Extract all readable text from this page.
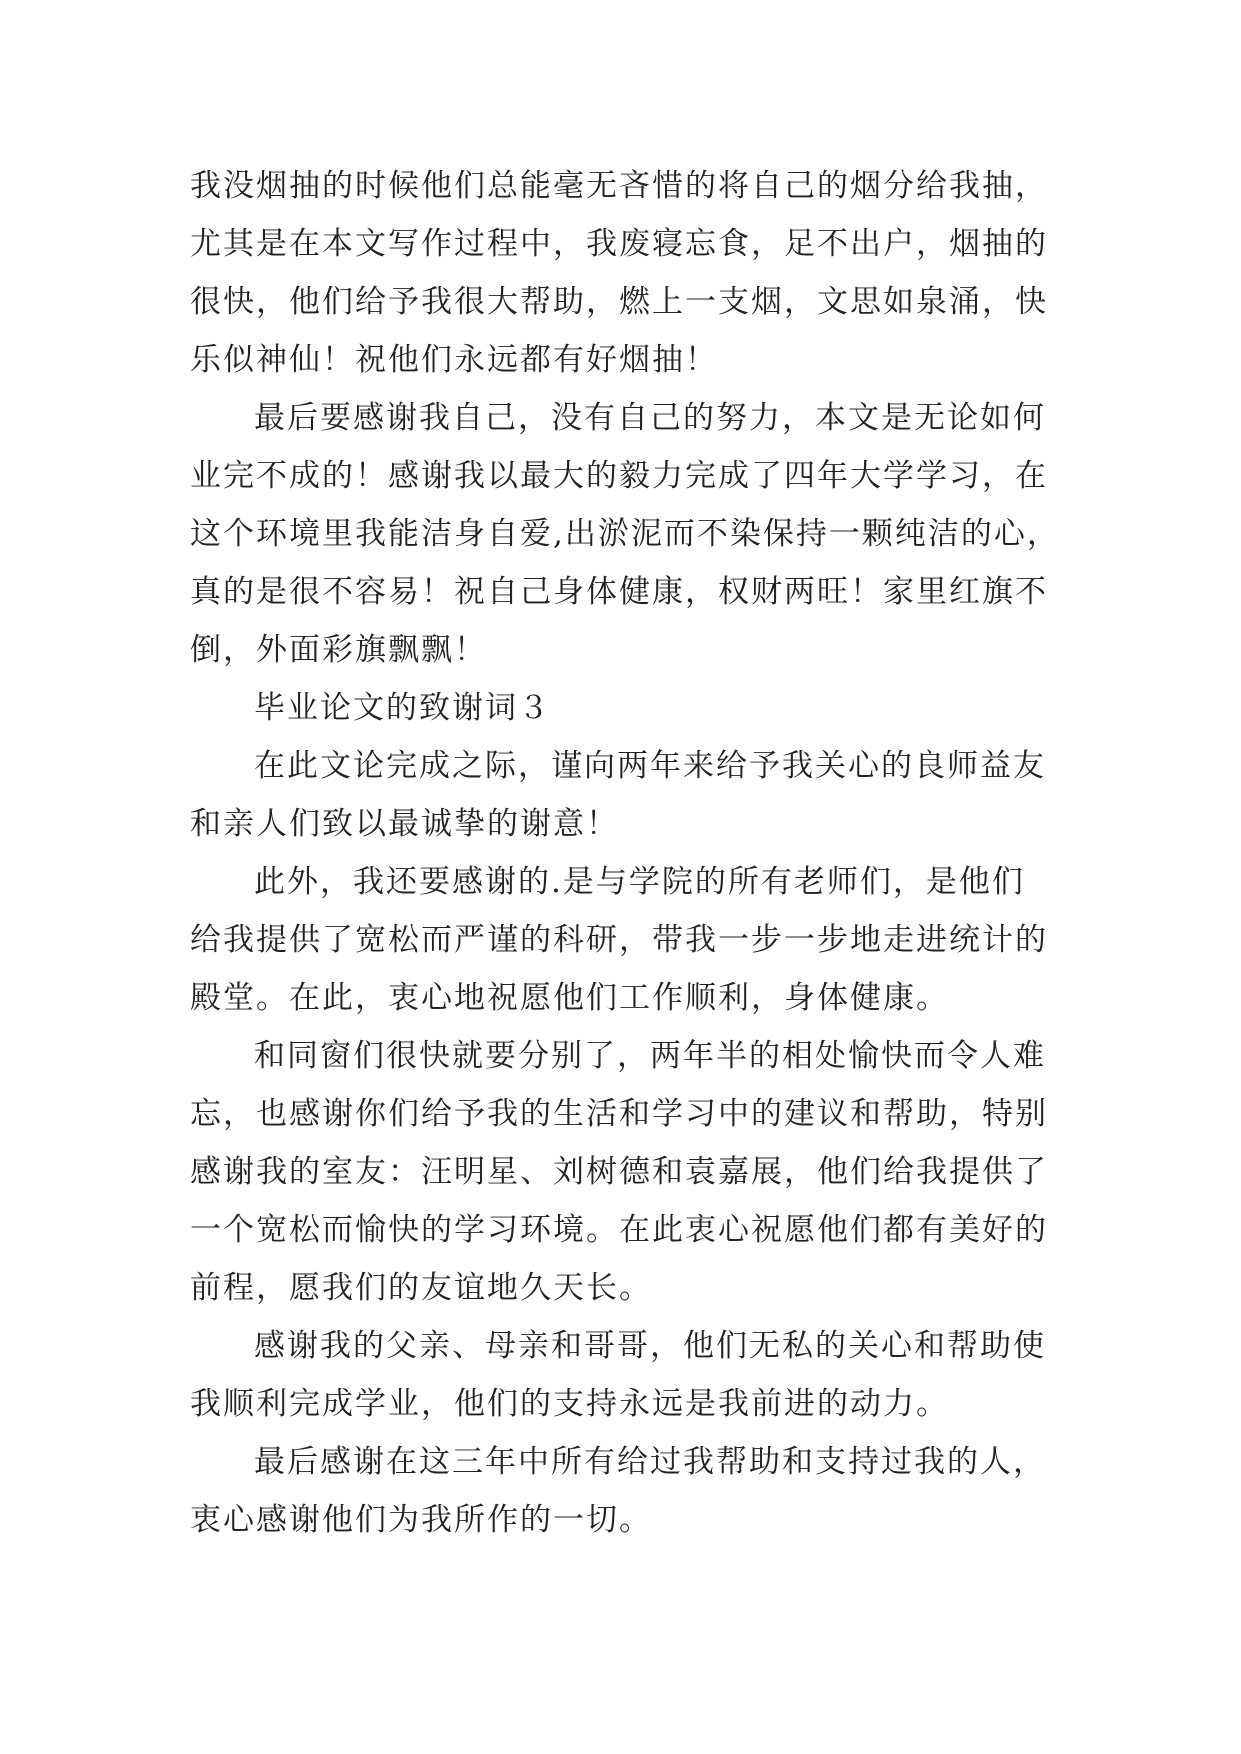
我没烟抽的时候他们总能毫无吝惜的将自己的烟分给我抽，
尤其是在本文写作过程中，我废寝忘食，足不出户，烟抽的
很快，他们给予我很大帮助，燃上一支烟，文思如泉涌，快
乐似神仙！祝他们永远都有好烟抽！
最后要感谢我自己，没有自己的努力，本文是无论如何
业完不成的！感谢我以最大的毅力完成了四年大学学习，在
这个环境里我能洁身自爱,出淤泥而不染保持一颗纯洁的心，
真的是很不容易！祝自己身体健康，权财两旺！家里红旗不
倒，外面彩旗飘飘！
毕业论文的致谢词３
在此文论完成之际，谨向两年来给予我关心的良师益友
和亲人们致以最诚挚的谢意！
此外，我还要感谢的.是与学院的所有老师们，是他们
给我提供了宽松而严谨的科研，带我一步一步地走进统计的
殿堂。在此，衷心地祝愿他们工作顺利，身体健康。
和同窗们很快就要分别了，两年半的相处愉快而令人难
忘，也感谢你们给予我的生活和学习中的建议和帮助，特别
感谢我的室友：汪明星、刘树德和袁嘉展，他们给我提供了
一个宽松而愉快的学习环境。在此衷心祝愿他们都有美好的
前程，愿我们的友谊地久天长。
感谢我的父亲、母亲和哥哥，他们无私的关心和帮助使
我顺利完成学业，他们的支持永远是我前进的动力。
最后感谢在这三年中所有给过我帮助和支持过我的人，
衷心感谢他们为我所作的一切。
